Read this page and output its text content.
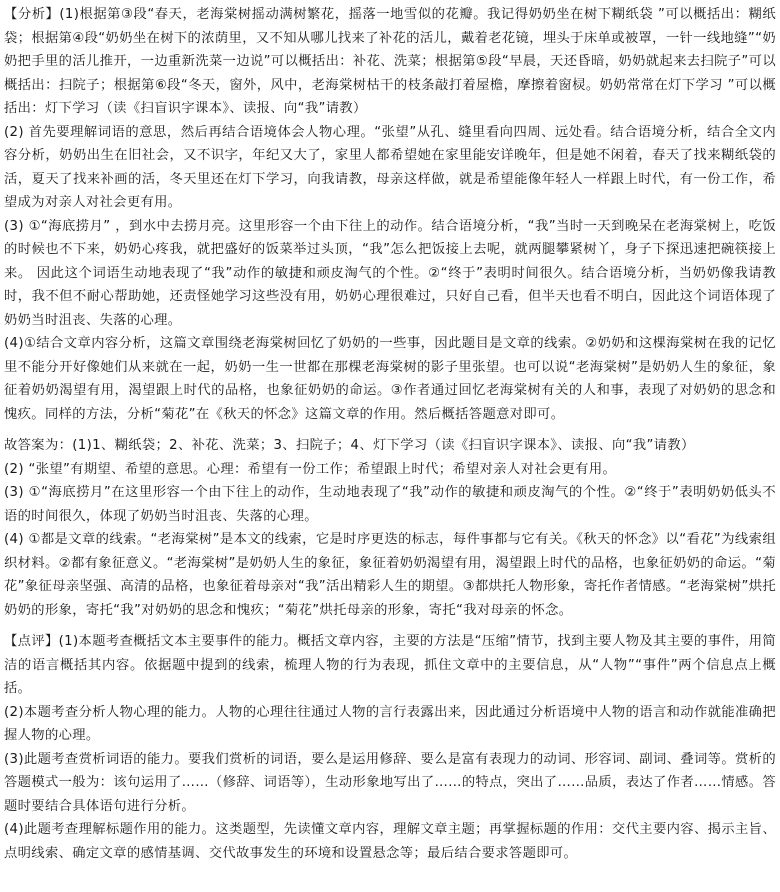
【分析】(1)根据第③段“春天，老海棠树摇动满树繁花，摇落一地雪似的花瓣。我记得奶奶坐在树下糊纸袋 ”可以概括出：糊纸袋；根据第④段“奶奶坐在树下的浓荫里，又不知从哪儿找来了补花的活儿，戴着老花镜，埋头于床单或被罩，一针一线地缝”“奶奶把手里的活儿推开，一边重新洗菜一边说”可以概括出：补花、洗菜；根据第⑤段“早晨，天还昏暗，奶奶就起来去扫院子”可以概括出：扫院子；根据第⑥段“冬天，窗外，风中，老海棠树枯干的枝条敲打着屋檐，摩擦着窗棂。奶奶常常在灯下学习 ”可以概括出：灯下学习（读《扫盲识字课本》、读报、向“我”请教）

(2) 首先要理解词语的意思，然后再结合语境体会人物心理。“张望”从孔、缝里看向四周、远处看。结合语境分析，结合全文内容分析，奶奶出生在旧社会，又不识字，年纪又大了，家里人都希望她在家里能安详晚年，但是她不闲着，春天了找来糊纸袋的活，夏天了找来补画的活，冬天里还在灯下学习，向我请教，母亲这样做，就是希望能像年轻人一样跟上时代，有一份工作，希望成为对亲人对社会更有用。

(3) ①“海底捞月” ，到水中去捞月亮。这里形容一个由下往上的动作。结合语境分析，“我”当时一天到晚呆在老海棠树上，吃饭的时候也不下来，奶奶心疼我，就把盛好的饭菜举过头顶，“我”怎么把饭接上去呢，就两腿攀紧树丫，身子下探迅速把碗筷接上来。 因此这个词语生动地表现了“我”动作的敏捷和顽皮淘气的个性。②“终于”表明时间很久。结合语境分析，当奶奶像我请教时，我不但不耐心帮助她，还责怪她学习这些没有用，奶奶心理很难过，只好自己看，但半天也看不明白，因此这个词语体现了奶奶当时沮丧、失落的心理。

(4)①结合文章内容分析，这篇文章围绕老海棠树回忆了奶奶的一些事，因此题目是文章的线索。②奶奶和这棵海棠树在我的记忆里不能分开好像她们从来就在一起，奶奶一生一世都在那棵老海棠树的影子里张望。也可以说“老海棠树”是奶奶人生的象征，象征着奶奶渴望有用，渴望跟上时代的品格，也象征奶奶的命运。③作者通过回忆老海棠树有关的人和事，表现了对奶奶的思念和愧疚。同样的方法，分析“菊花”在《秋天的怀念》这篇文章的作用。然后概括答题意对即可。

故答案为：(1)1、糊纸袋；2、补花、洗菜；3、扫院子；4、灯下学习（读《扫盲识字课本》、读报、向“我”请教）

(2) “张望”有期望、希望的意思。心理：希望有一份工作；希望跟上时代；希望对亲人对社会更有用。

(3) ①“海底捞月”在这里形容一个由下往上的动作，生动地表现了“我”动作的敏捷和顽皮淘气的个性。②“终于”表明奶奶低头不语的时间很久，体现了奶奶当时沮丧、失落的心理。

(4) ①都是文章的线索。“老海棠树”是本文的线索，它是时序更迭的标志，每件事都与它有关。《秋天的怀念》以“看花”为线索组织材料。②都有象征意义。“老海棠树”是奶奶人生的象征，象征着奶奶渴望有用，渴望跟上时代的品格，也象征奶奶的命运。“菊花”象征母亲坚强、高清的品格，也象征着母亲对“我”活出精彩人生的期望。③都烘托人物形象，寄托作者情感。“老海棠树”烘托奶奶的形象，寄托“我”对奶奶的思念和愧疚；“菊花”烘托母亲的形象，寄托“我对母亲的怀念。

【点评】(1)本题考查概括文本主要事件的能力。概括文章内容，主要的方法是“压缩”情节，找到主要人物及其主要的事件，用简洁的语言概括其内容。依据题中提到的线索，梳理人物的行为表现，抓住文章中的主要信息，从“人物”“事件”两个信息点上概括。

(2)本题考查分析人物心理的能力。人物的心理往往通过人物的言行表露出来，因此通过分析语境中人物的语言和动作就能准确把握人物的心理。

(3)此题考查赏析词语的能力。要我们赏析的词语，要么是运用修辞、要么是富有表现力的动词、形容词、副词、叠词等。赏析的答题模式一般为：该句运用了……（修辞、词语等），生动形象地写出了……的特点，突出了……品质，表达了作者……情感。答题时要结合具体语句进行分析。

(4)此题考查理解标题作用的能力。这类题型，先读懂文章内容，理解文章主题；再掌握标题的作用：交代主要内容、揭示主旨、点明线索、确定文章的感情基调、交代故事发生的环境和设置悬念等；最后结合要求答题即可。
